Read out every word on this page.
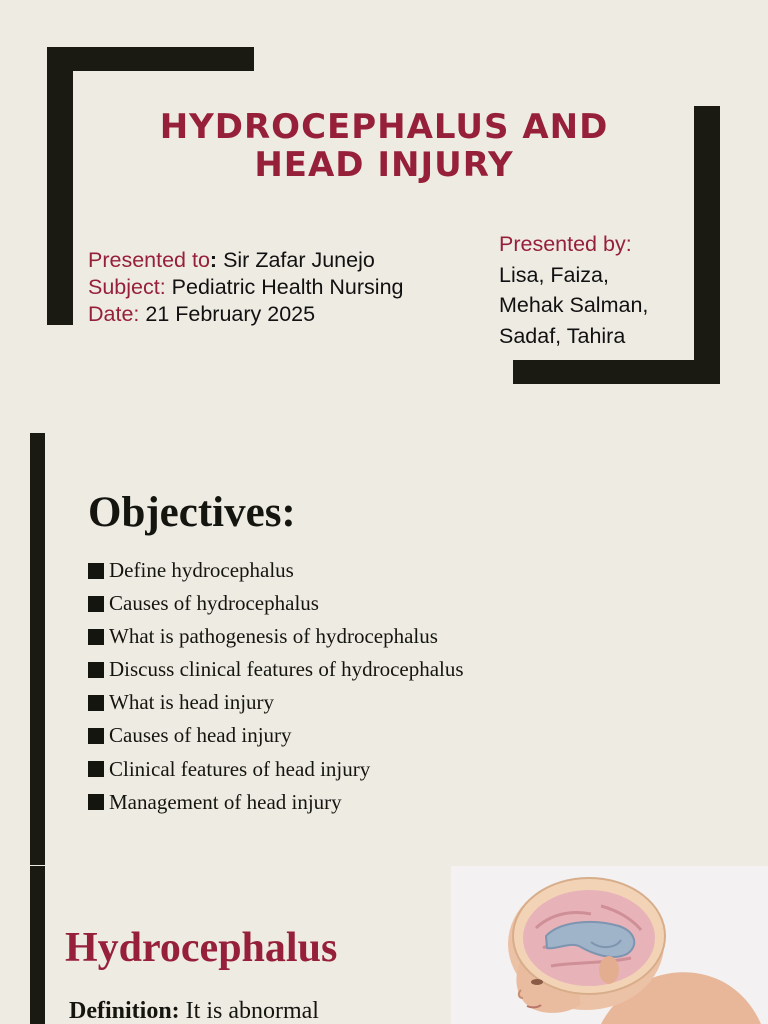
HYDROCEPHALUS AND
HEAD INJURY
Presented to: Sir Zafar Junejo
Subject: Pediatric Health Nursing
Date: 21 February 2025
Presented by:
Lisa, Faiza,
Mehak Salman,
Sadaf, Tahira
Objectives:
Define hydrocephalus
Causes of hydrocephalus
What is pathogenesis of hydrocephalus
Discuss clinical features of hydrocephalus
What is head injury
Causes of head injury
Clinical features of head injury
Management of head injury
Hydrocephalus
Definition: It is abnormal
